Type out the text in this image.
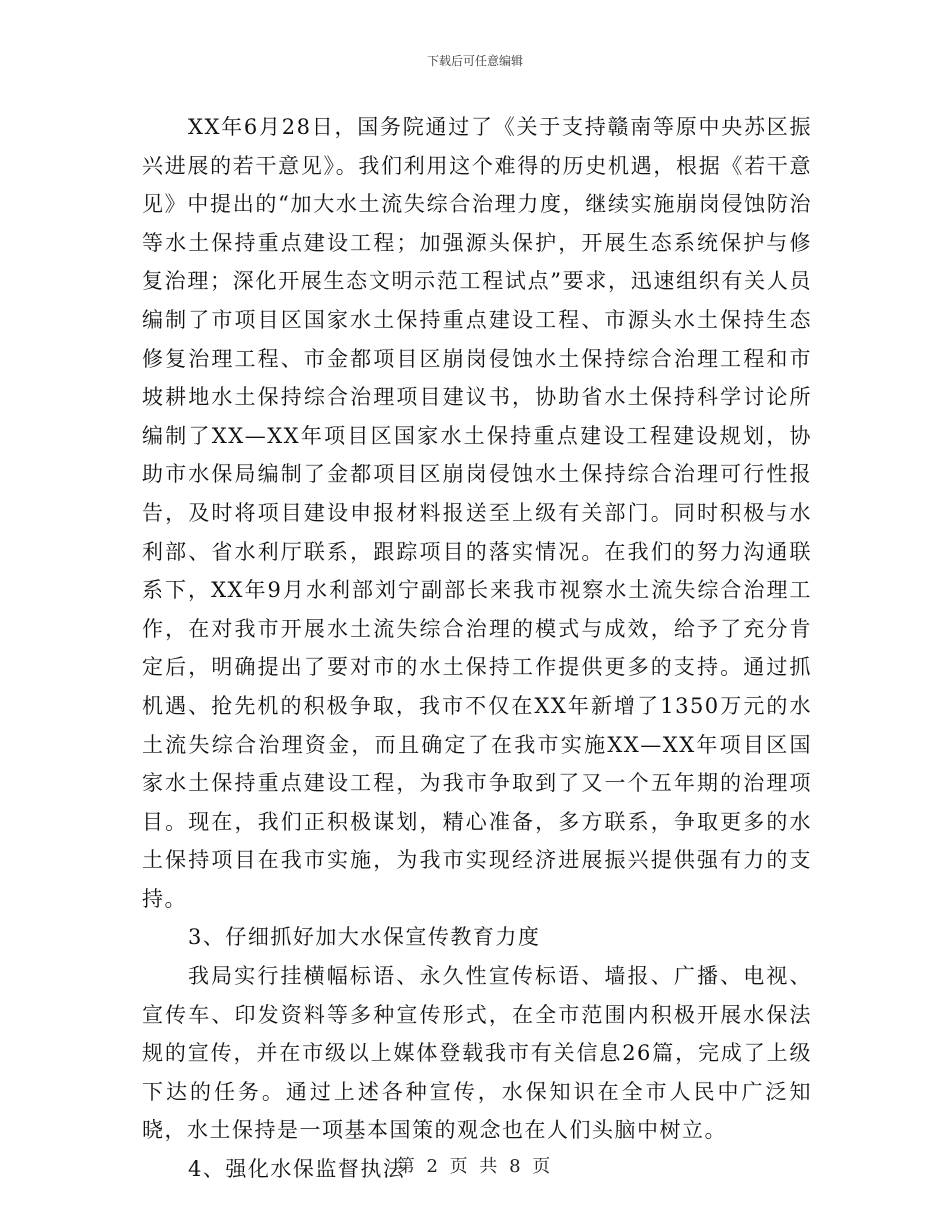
下载后可任意编辑

XX年6月28日，国务院通过了《关于支持赣南等原中央苏区振兴进展的若干意见》。我们利用这个难得的历史机遇，根据《若干意见》中提出的“加大水土流失综合治理力度，继续实施崩岗侵蚀防治等水土保持重点建设工程；加强源头保护，开展生态系统保护与修复治理；深化开展生态文明示范工程试点”要求，迅速组织有关人员编制了市项目区国家水土保持重点建设工程、市源头水土保持生态修复治理工程、市金都项目区崩岗侵蚀水土保持综合治理工程和市坡耕地水土保持综合治理项目建议书，协助省水土保持科学讨论所编制了XX—XX年项目区国家水土保持重点建设工程建设规划，协助市水保局编制了金都项目区崩岗侵蚀水土保持综合治理可行性报告，及时将项目建设申报材料报送至上级有关部门。同时积极与水利部、省水利厅联系，跟踪项目的落实情况。在我们的努力沟通联系下，XX年9月水利部刘宁副部长来我市视察水土流失综合治理工作，在对我市开展水土流失综合治理的模式与成效，给予了充分肯定后，明确提出了要对市的水土保持工作提供更多的支持。通过抓机遇、抢先机的积极争取，我市不仅在XX年新增了1350万元的水土流失综合治理资金，而且确定了在我市实施XX—XX年项目区国家水土保持重点建设工程，为我市争取到了又一个五年期的治理项目。现在，我们正积极谋划，精心准备，多方联系，争取更多的水土保持项目在我市实施，为我市实现经济进展振兴提供强有力的支持。

3、仔细抓好加大水保宣传教育力度

我局实行挂横幅标语、永久性宣传标语、墙报、广播、电视、宣传车、印发资料等多种宣传形式，在全市范围内积极开展水保法规的宣传，并在市级以上媒体登载我市有关信息26篇，完成了上级下达的任务。通过上述各种宣传，水保知识在全市人民中广泛知晓，水土保持是一项基本国策的观念也在人们头脑中树立。

4、强化水保监督执法

第 2 页 共 8 页
